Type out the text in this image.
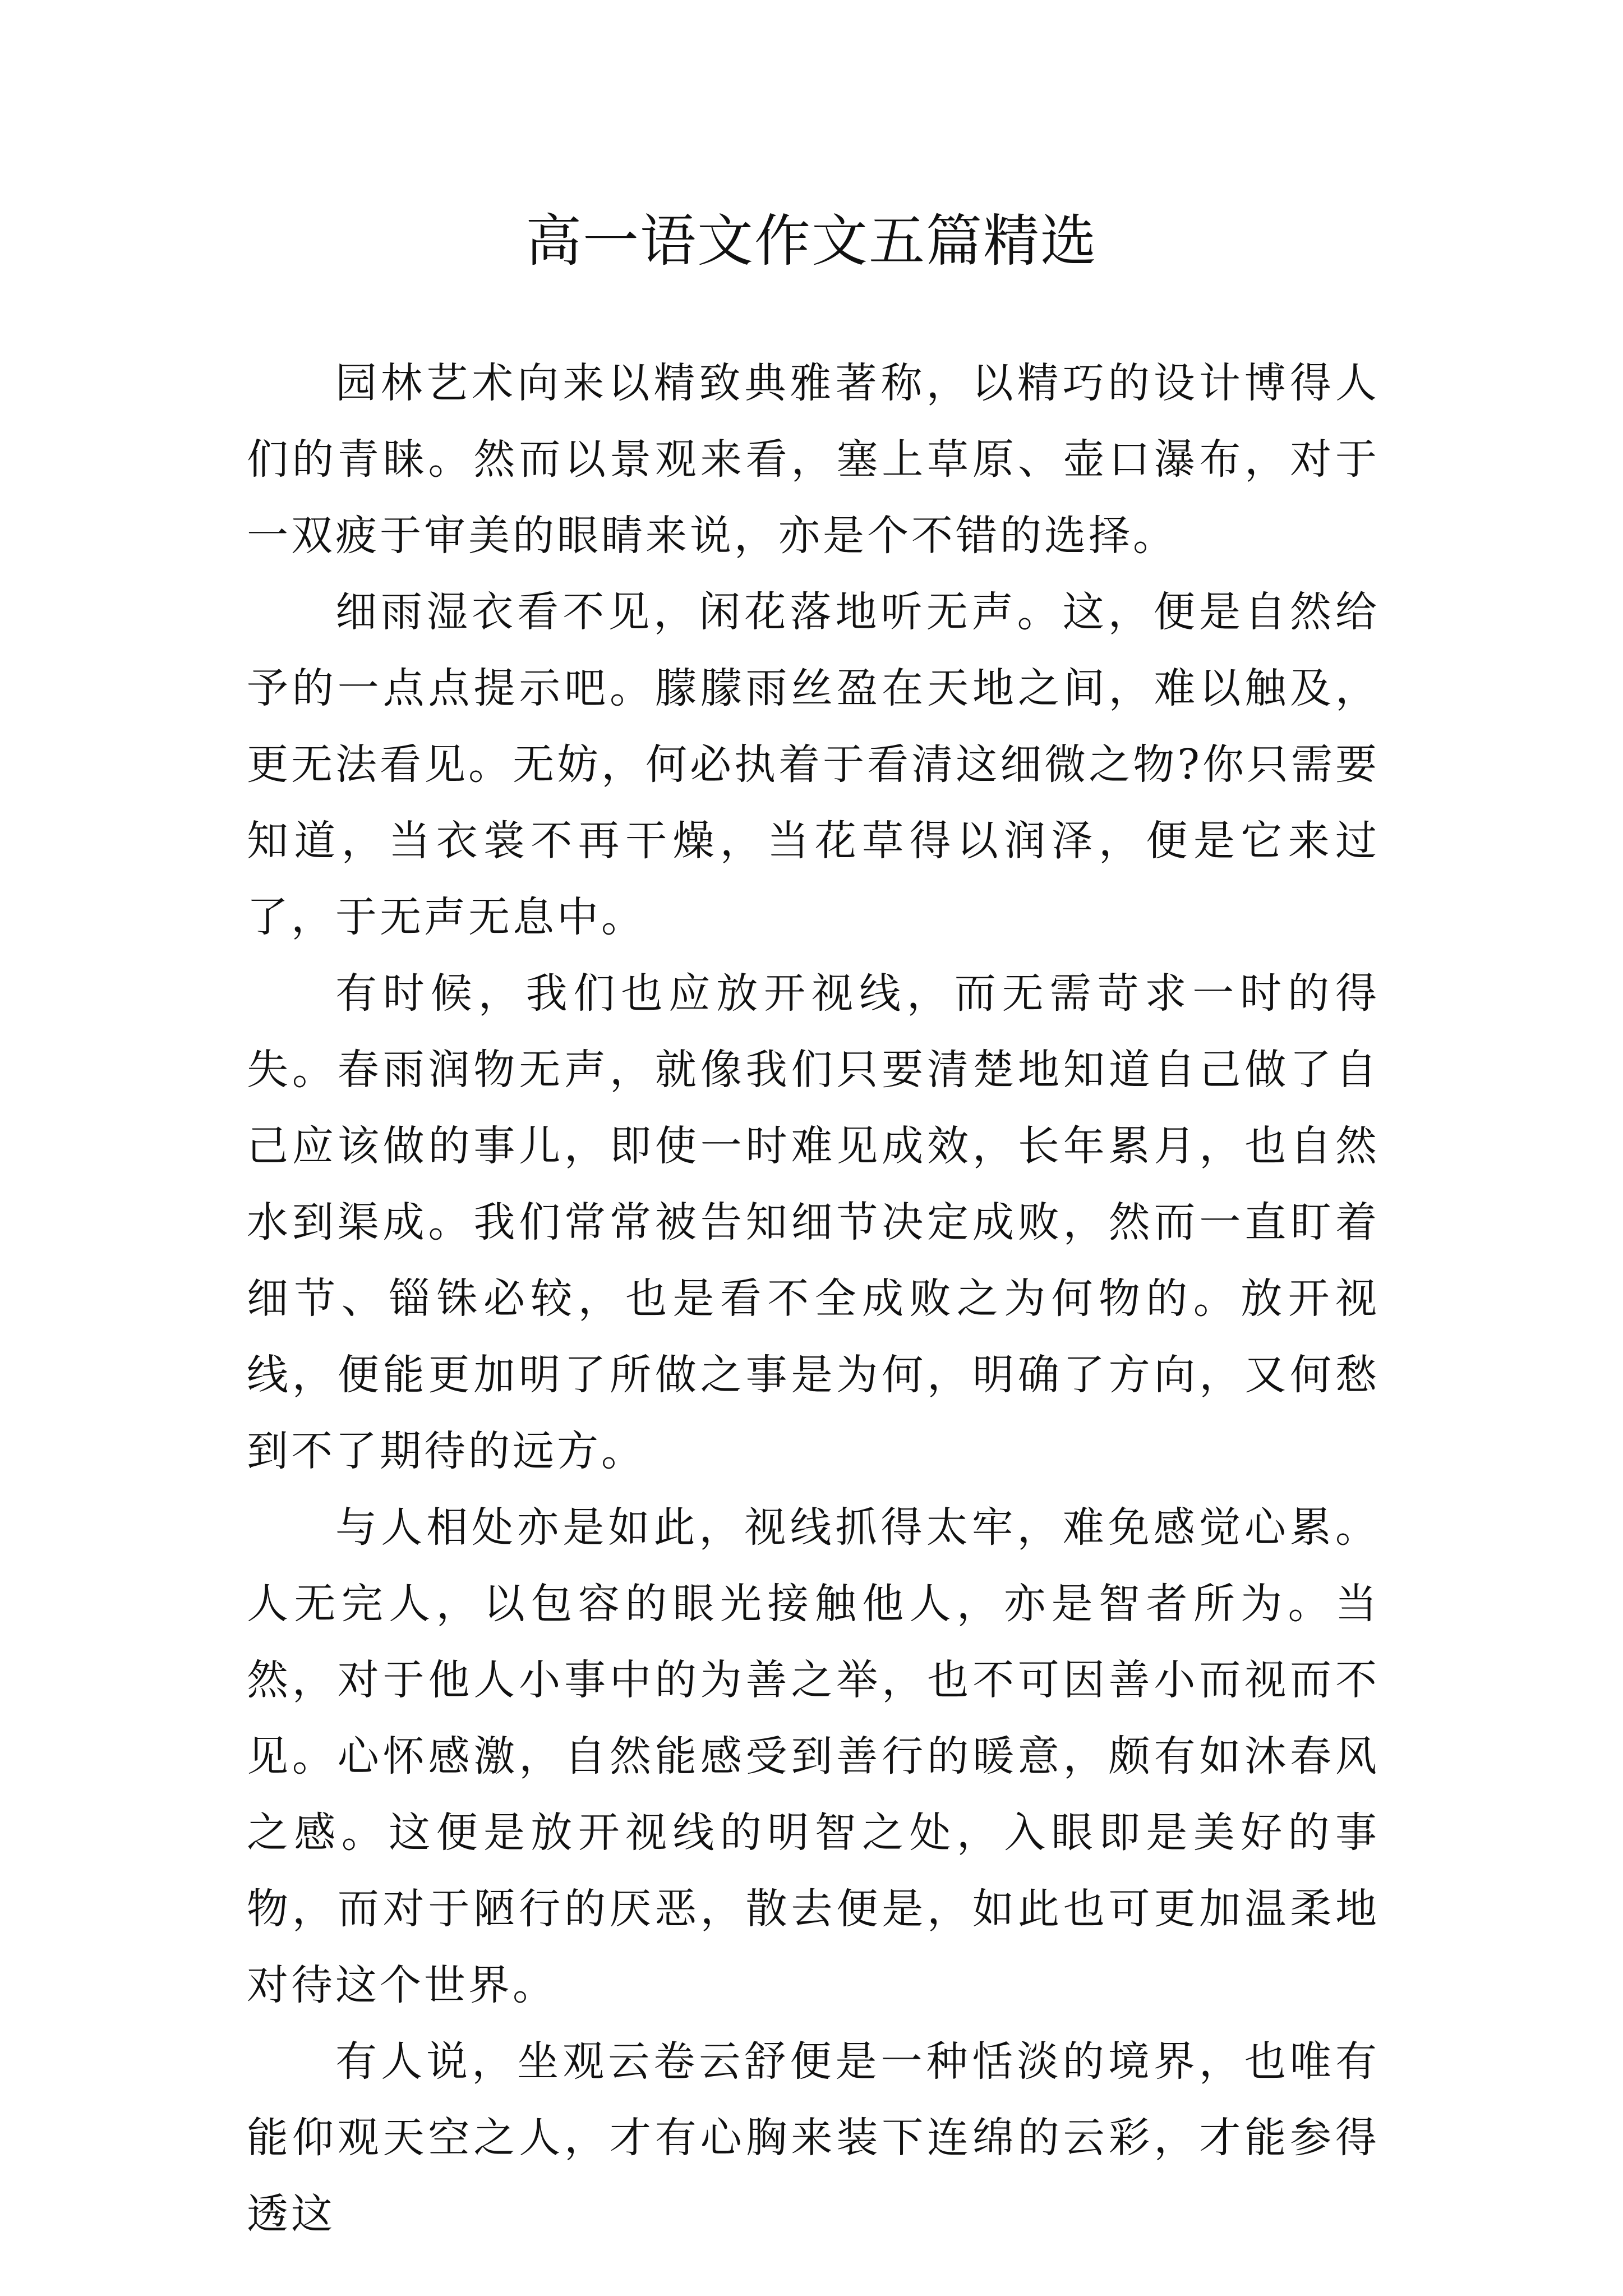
高一语文作文五篇精选

园林艺术向来以精致典雅著称，以精巧的设计博得人们的青睐。然而以景观来看，塞上草原、壶口瀑布，对于一双疲于审美的眼睛来说，亦是个不错的选择。

细雨湿衣看不见，闲花落地听无声。这，便是自然给予的一点点提示吧。朦朦雨丝盈在天地之间，难以触及，更无法看见。无妨，何必执着于看清这细微之物?你只需要知道，当衣裳不再干燥，当花草得以润泽，便是它来过了，于无声无息中。

有时候，我们也应放开视线，而无需苛求一时的得失。春雨润物无声，就像我们只要清楚地知道自己做了自己应该做的事儿，即使一时难见成效，长年累月，也自然水到渠成。我们常常被告知细节决定成败，然而一直盯着细节、锱铢必较，也是看不全成败之为何物的。放开视线，便能更加明了所做之事是为何，明确了方向，又何愁到不了期待的远方。

与人相处亦是如此，视线抓得太牢，难免感觉心累。人无完人，以包容的眼光接触他人，亦是智者所为。当然，对于他人小事中的为善之举，也不可因善小而视而不见。心怀感激，自然能感受到善行的暖意，颇有如沐春风之感。这便是放开视线的明智之处，入眼即是美好的事物，而对于陋行的厌恶，散去便是，如此也可更加温柔地对待这个世界。

有人说，坐观云卷云舒便是一种恬淡的境界，也唯有能仰观天空之人，才有心胸来装下连绵的云彩，才能参得透这
